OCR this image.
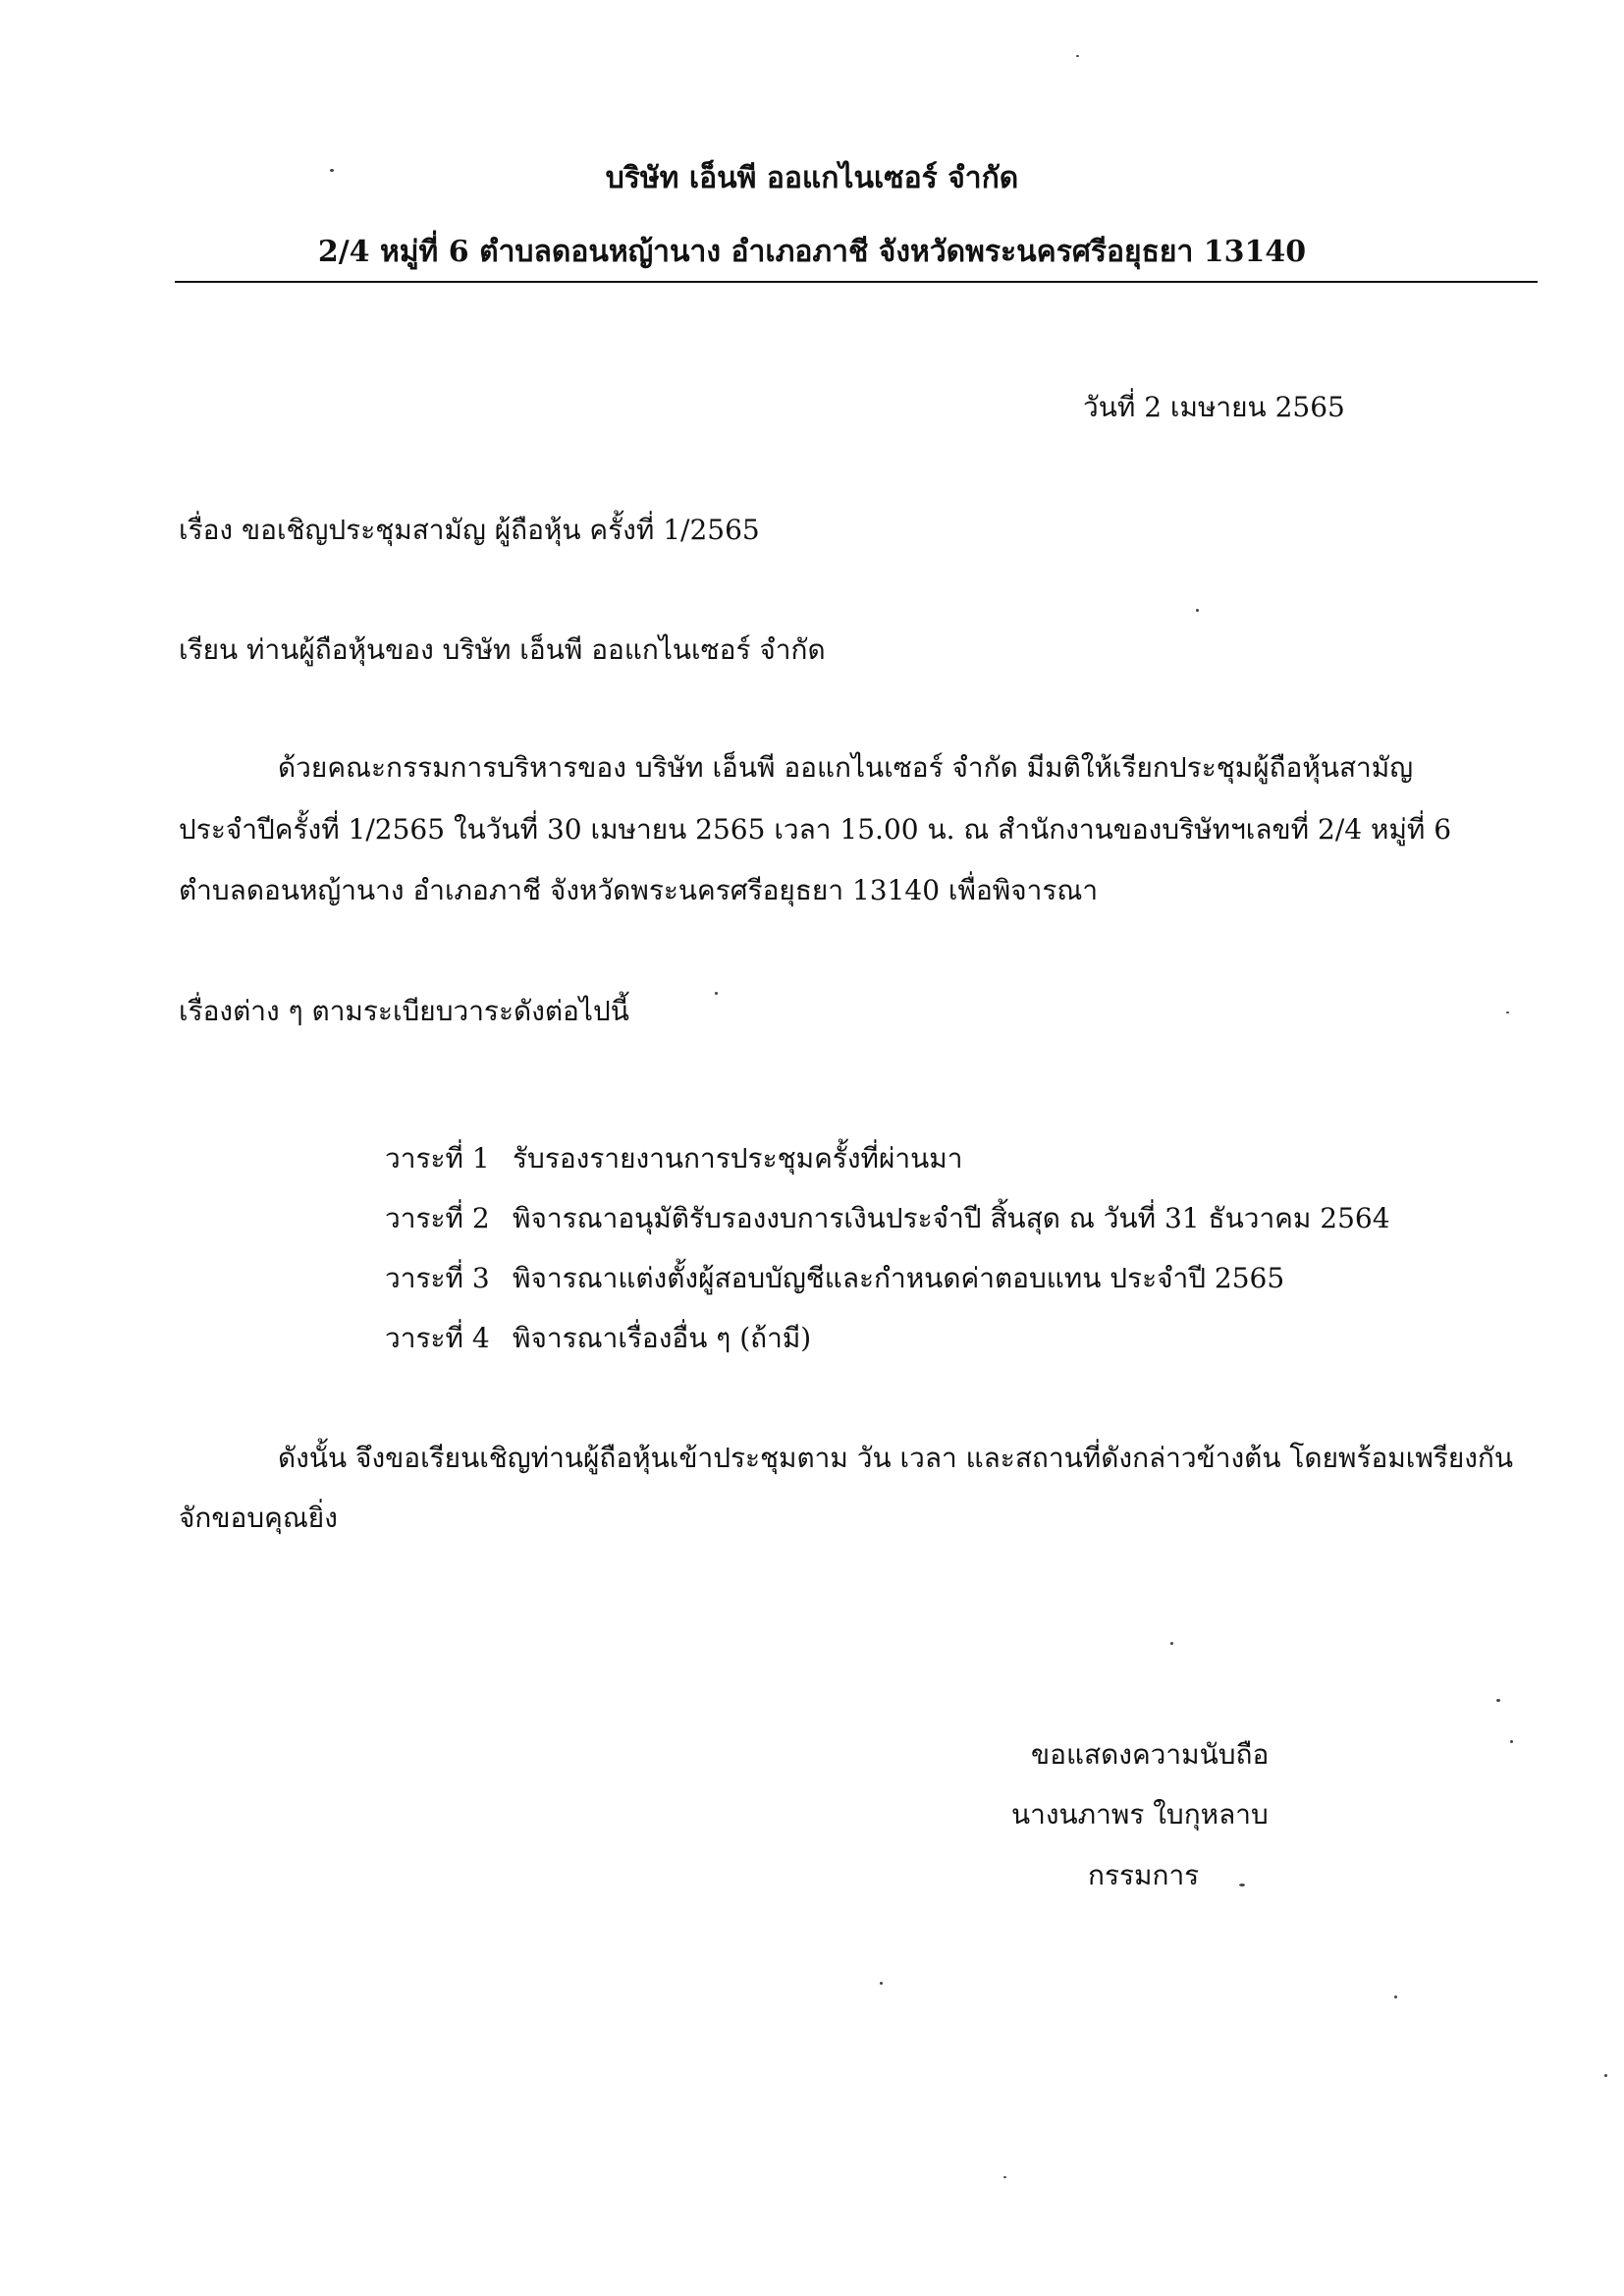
บริษัท เอ็นพี ออแกไนเซอร์ จำกัด
2/4 หมู่ที่ 6 ตำบลดอนหญ้านาง อำเภอภาชี จังหวัดพระนครศรีอยุธยา 13140
วันที่ 2 เมษายน 2565
เรื่อง ขอเชิญประชุมสามัญ ผู้ถือหุ้น ครั้งที่ 1/2565
เรียน ท่านผู้ถือหุ้นของ บริษัท เอ็นพี ออแกไนเซอร์ จำกัด
ด้วยคณะกรรมการบริหารของ บริษัท เอ็นพี ออแกไนเซอร์ จำกัด มีมติให้เรียกประชุมผู้ถือหุ้นสามัญ
ประจำปีครั้งที่ 1/2565 ในวันที่ 30 เมษายน 2565 เวลา 15.00 น. ณ สำนักงานของบริษัทฯเลขที่ 2/4 หมู่ที่ 6
ตำบลดอนหญ้านาง อำเภอภาชี จังหวัดพระนครศรีอยุธยา 13140 เพื่อพิจารณา
เรื่องต่าง ๆ ตามระเบียบวาระดังต่อไปนี้
วาระที่ 1 รับรองรายงานการประชุมครั้งที่ผ่านมา
วาระที่ 2 พิจารณาอนุมัติรับรองงบการเงินประจำปี สิ้นสุด ณ วันที่ 31 ธันวาคม 2564
วาระที่ 3 พิจารณาแต่งตั้งผู้สอบบัญชีและกำหนดค่าตอบแทน ประจำปี 2565
วาระที่ 4 พิจารณาเรื่องอื่น ๆ (ถ้ามี)
ดังนั้น จึงขอเรียนเชิญท่านผู้ถือหุ้นเข้าประชุมตาม วัน เวลา และสถานที่ดังกล่าวข้างต้น โดยพร้อมเพรียงกัน
จักขอบคุณยิ่ง
ขอแสดงความนับถือ
นางนภาพร ใบกุหลาบ
กรรมการ
